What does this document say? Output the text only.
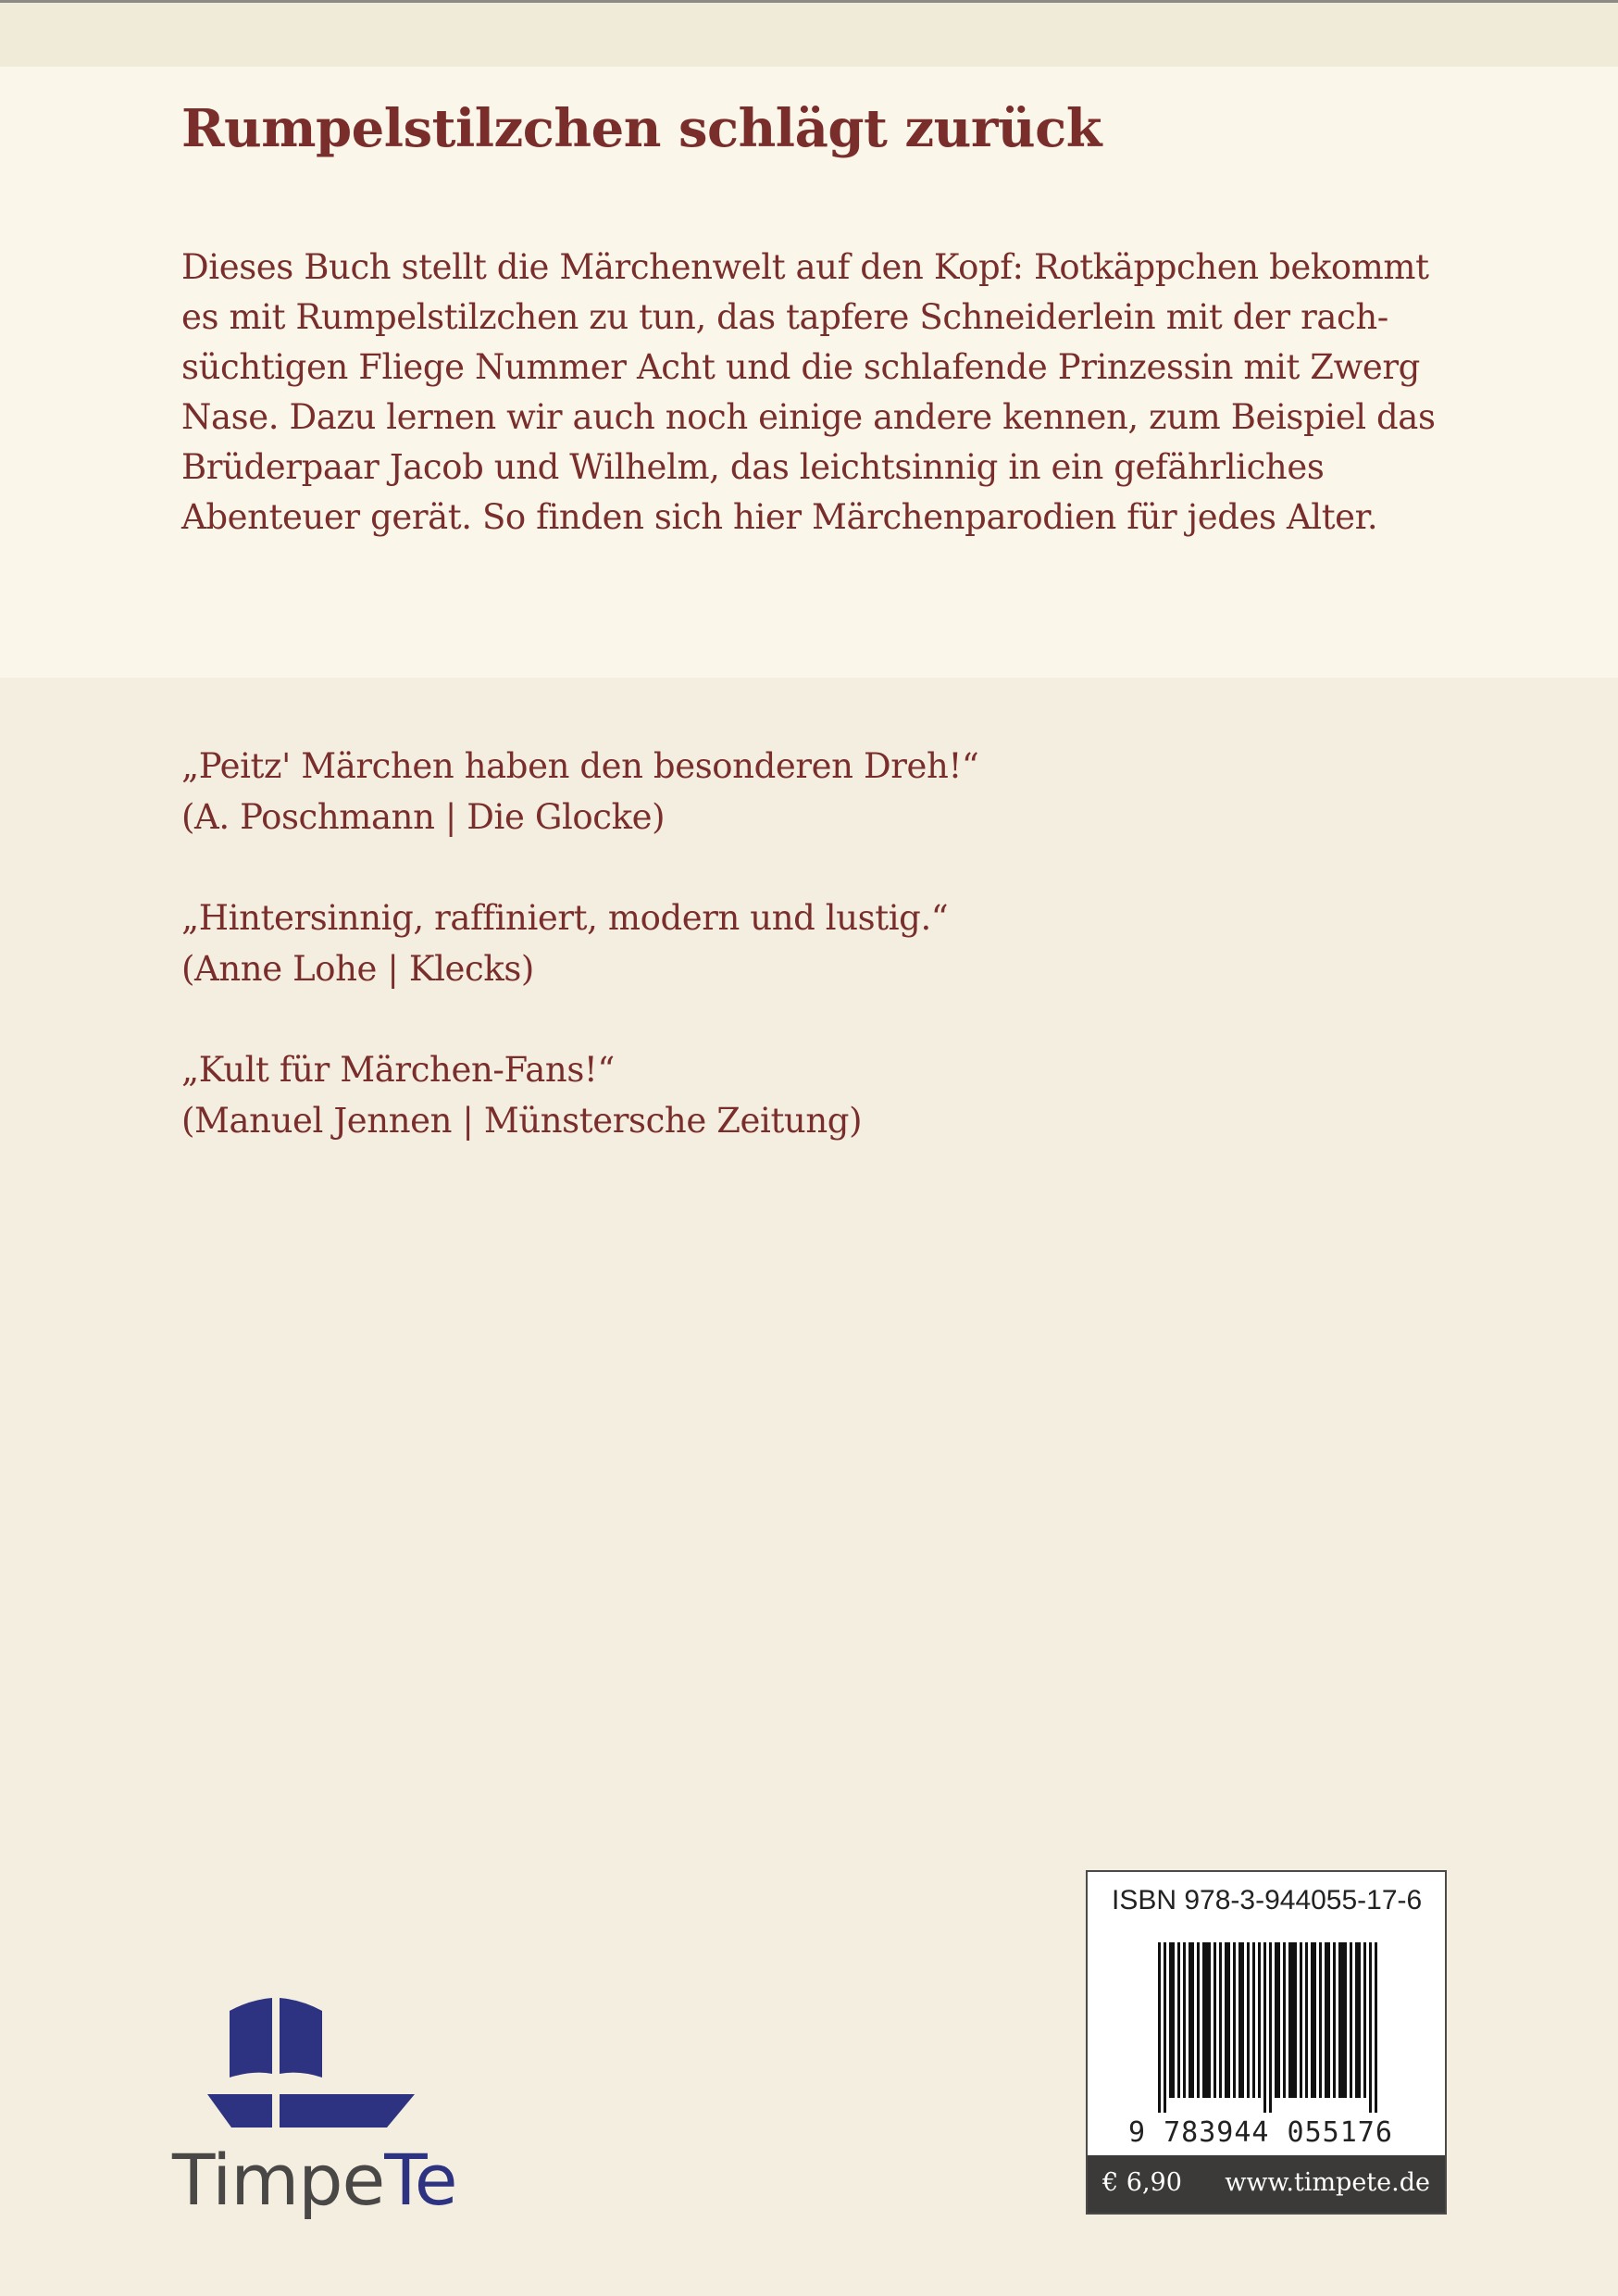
Rumpelstilzchen schlägt zurück
Dieses Buch stellt die Märchenwelt auf den Kopf: Rotkäppchen bekommt
es mit Rumpelstilzchen zu tun, das tapfere Schneiderlein mit der rach-
süchtigen Fliege Nummer Acht und die schlafende Prinzessin mit Zwerg
Nase. Dazu lernen wir auch noch einige andere kennen, zum Beispiel das
Brüderpaar Jacob und Wilhelm, das leichtsinnig in ein gefährliches
Abenteuer gerät. So finden sich hier Märchenparodien für jedes Alter.
„Peitz' Märchen haben den besonderen Dreh!“
(A. Poschmann | Die Glocke)
„Hintersinnig, raffiniert, modern und lustig.“
(Anne Lohe | Klecks)
„Kult für Märchen-Fans!“
(Manuel Jennen | Münstersche Zeitung)
TimpeTe
ISBN 978-3-944055-17-6
9 783944 055176
€ 6,90 www.timpete.de
